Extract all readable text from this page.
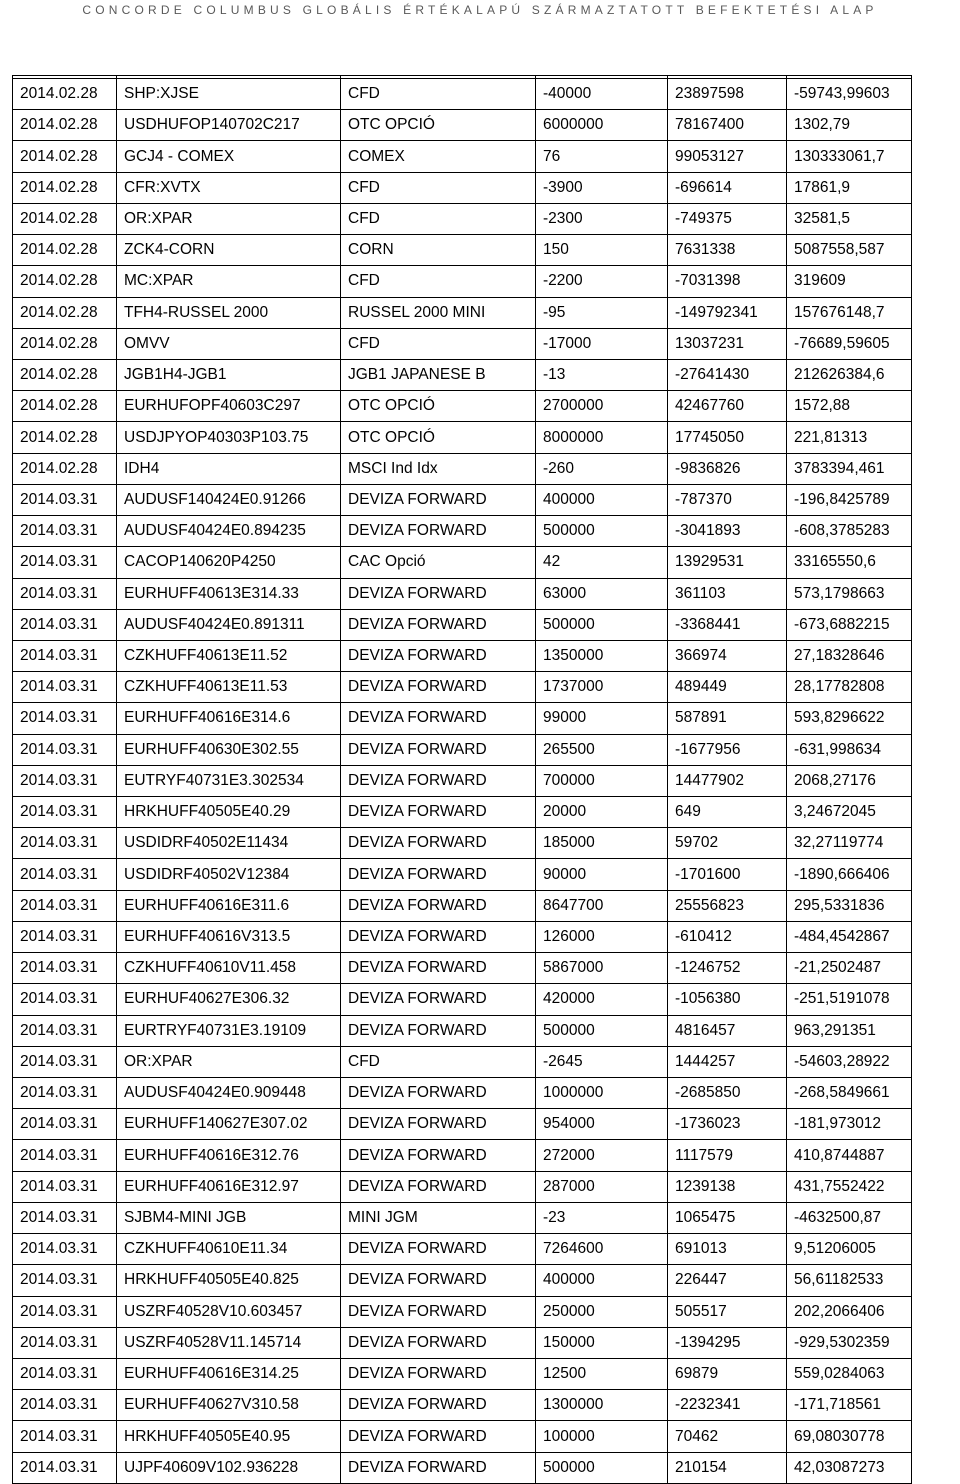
CONCORDE COLUMBUS GLOBÁLIS ÉRTÉKALAPÚ SZÁRMAZTATOTT BEFEKTETÉSI ALAP

2014.02.28	SHP:XJSE	CFD	-40000	23897598	-59743,99603
2014.02.28	USDHUFOP140702C217	OTC OPCIÓ	6000000	78167400	1302,79
2014.02.28	GCJ4 - COMEX	COMEX	76	99053127	130333061,7
2014.02.28	CFR:XVTX	CFD	-3900	-696614	17861,9
2014.02.28	OR:XPAR	CFD	-2300	-749375	32581,5
2014.02.28	ZCK4-CORN	CORN	150	7631338	5087558,587
2014.02.28	MC:XPAR	CFD	-2200	-7031398	319609
2014.02.28	TFH4-RUSSEL 2000	RUSSEL 2000 MINI	-95	-149792341	157676148,7
2014.02.28	OMVV	CFD	-17000	13037231	-76689,59605
2014.02.28	JGB1H4-JGB1	JGB1 JAPANESE B	-13	-27641430	212626384,6
2014.02.28	EURHUFOPF40603C297	OTC OPCIÓ	2700000	42467760	1572,88
2014.02.28	USDJPYOP40303P103.75	OTC OPCIÓ	8000000	17745050	221,81313
2014.02.28	IDH4	MSCI Ind Idx	-260	-9836826	3783394,461
2014.03.31	AUDUSF140424E0.91266	DEVIZA FORWARD	400000	-787370	-196,8425789
2014.03.31	AUDUSF40424E0.894235	DEVIZA FORWARD	500000	-3041893	-608,3785283
2014.03.31	CACOP140620P4250	CAC Opció	42	13929531	33165550,6
2014.03.31	EURHUFF40613E314.33	DEVIZA FORWARD	63000	361103	573,1798663
2014.03.31	AUDUSF40424E0.891311	DEVIZA FORWARD	500000	-3368441	-673,6882215
2014.03.31	CZKHUFF40613E11.52	DEVIZA FORWARD	1350000	366974	27,18328646
2014.03.31	CZKHUFF40613E11.53	DEVIZA FORWARD	1737000	489449	28,17782808
2014.03.31	EURHUFF40616E314.6	DEVIZA FORWARD	99000	587891	593,8296622
2014.03.31	EURHUFF40630E302.55	DEVIZA FORWARD	265500	-1677956	-631,998634
2014.03.31	EUTRYF40731E3.302534	DEVIZA FORWARD	700000	14477902	2068,27176
2014.03.31	HRKHUFF40505E40.29	DEVIZA FORWARD	20000	649	3,24672045
2014.03.31	USDIDRF40502E11434	DEVIZA FORWARD	185000	59702	32,27119774
2014.03.31	USDIDRF40502V12384	DEVIZA FORWARD	90000	-1701600	-1890,666406
2014.03.31	EURHUFF40616E311.6	DEVIZA FORWARD	8647700	25556823	295,5331836
2014.03.31	EURHUFF40616V313.5	DEVIZA FORWARD	126000	-610412	-484,4542867
2014.03.31	CZKHUFF40610V11.458	DEVIZA FORWARD	5867000	-1246752	-21,2502487
2014.03.31	EURHUF40627E306.32	DEVIZA FORWARD	420000	-1056380	-251,5191078
2014.03.31	EURTRYF40731E3.19109	DEVIZA FORWARD	500000	4816457	963,291351
2014.03.31	OR:XPAR	CFD	-2645	1444257	-54603,28922
2014.03.31	AUDUSF40424E0.909448	DEVIZA FORWARD	1000000	-2685850	-268,5849661
2014.03.31	EURHUFF140627E307.02	DEVIZA FORWARD	954000	-1736023	-181,973012
2014.03.31	EURHUFF40616E312.76	DEVIZA FORWARD	272000	1117579	410,8744887
2014.03.31	EURHUFF40616E312.97	DEVIZA FORWARD	287000	1239138	431,7552422
2014.03.31	SJBM4-MINI JGB	MINI JGM	-23	1065475	-4632500,87
2014.03.31	CZKHUFF40610E11.34	DEVIZA FORWARD	7264600	691013	9,51206005
2014.03.31	HRKHUFF40505E40.825	DEVIZA FORWARD	400000	226447	56,61182533
2014.03.31	USZRF40528V10.603457	DEVIZA FORWARD	250000	505517	202,2066406
2014.03.31	USZRF40528V11.145714	DEVIZA FORWARD	150000	-1394295	-929,5302359
2014.03.31	EURHUFF40616E314.25	DEVIZA FORWARD	12500	69879	559,0284063
2014.03.31	EURHUFF40627V310.58	DEVIZA FORWARD	1300000	-2232341	-171,718561
2014.03.31	HRKHUFF40505E40.95	DEVIZA FORWARD	100000	70462	69,08030778
2014.03.31	UJPF40609V102.936228	DEVIZA FORWARD	500000	210154	42,03087273
